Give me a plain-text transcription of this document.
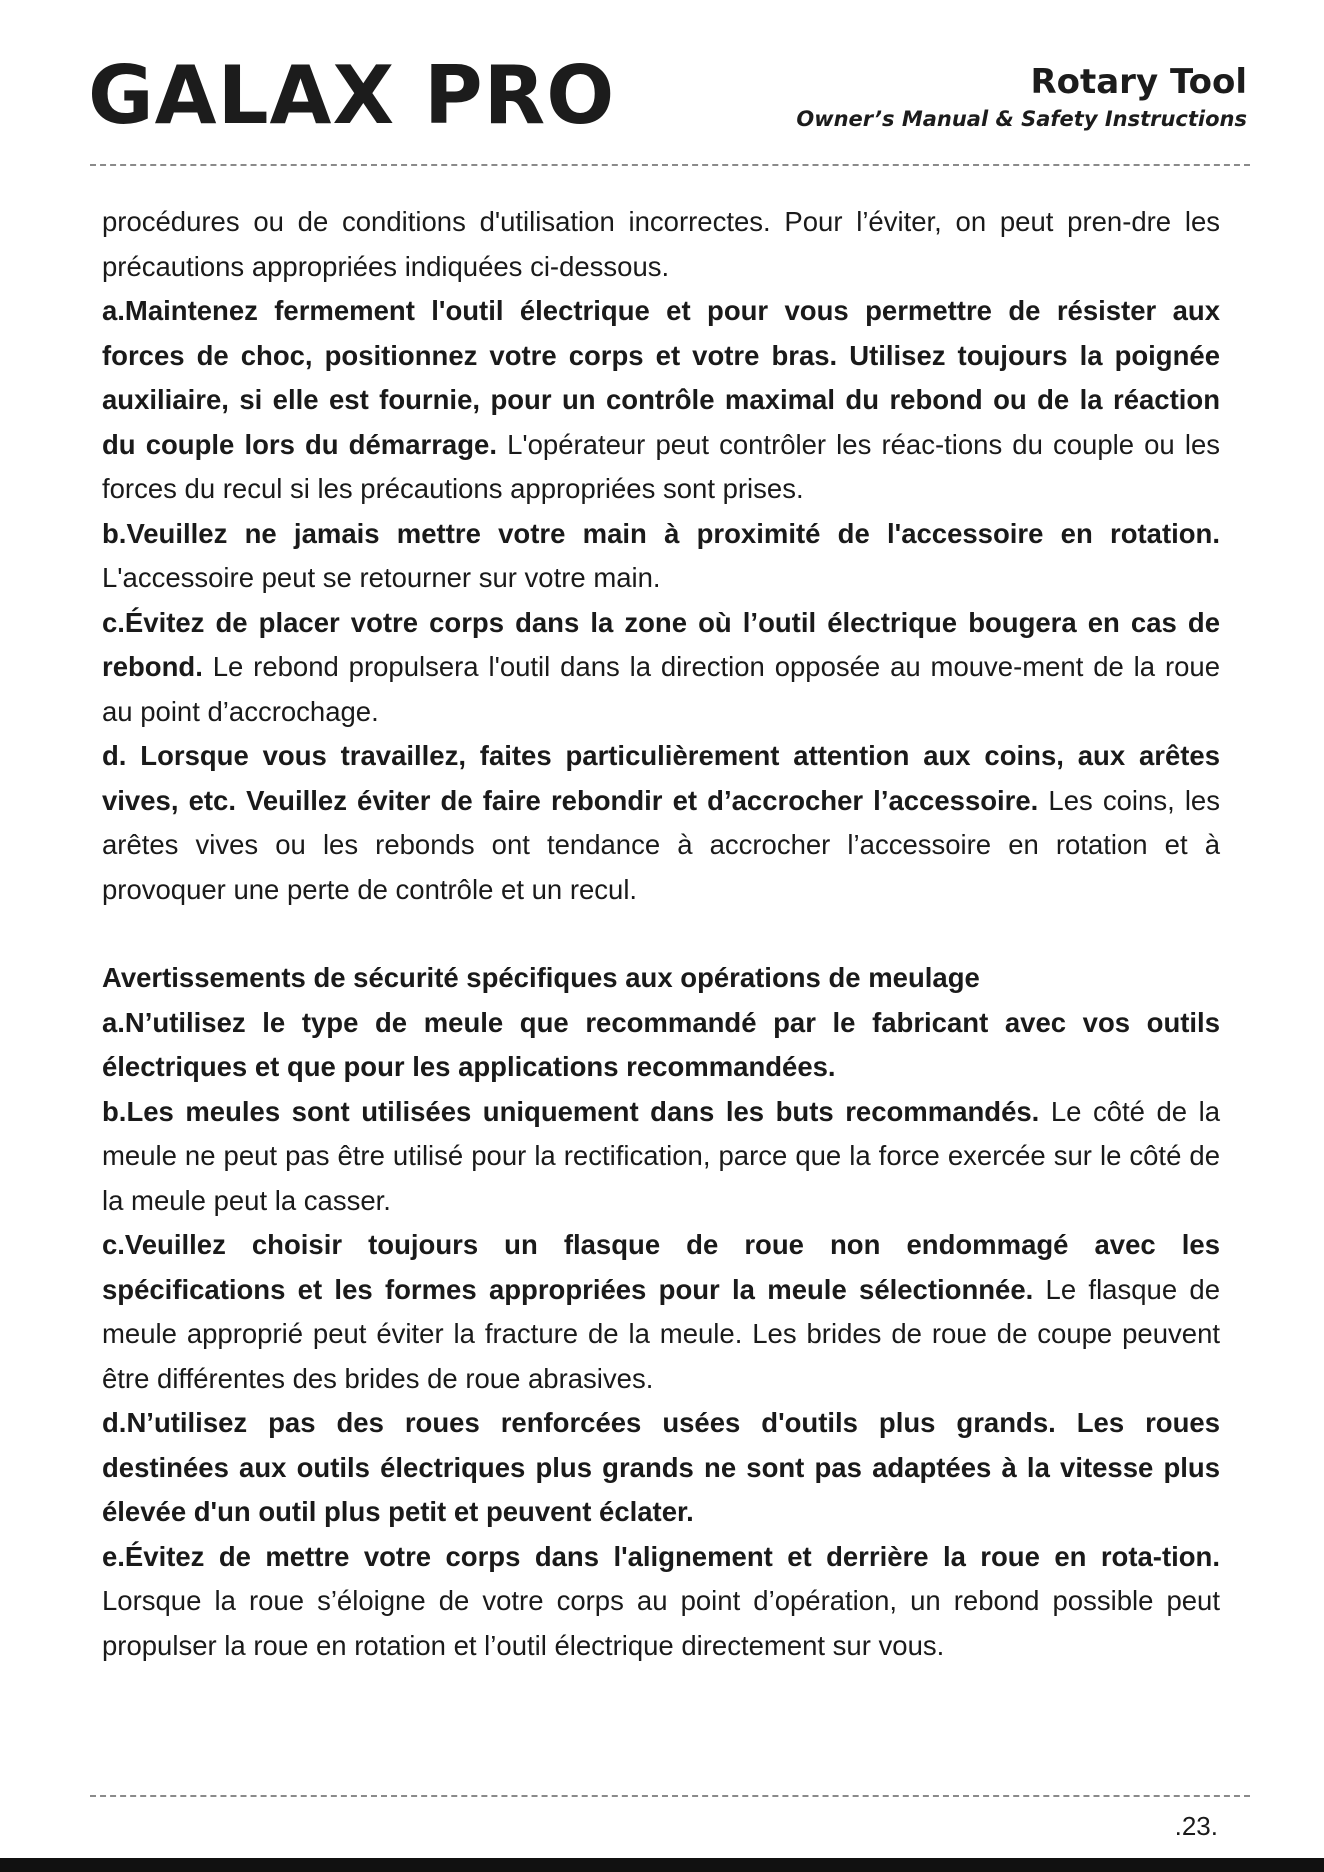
GALAX PRO	Rotary Tool
Owner’s Manual & Safety Instructions

procédures ou de conditions d'utilisation incorrectes. Pour l’éviter, on peut pren-dre les précautions appropriées indiquées ci-dessous.

a.Maintenez fermement l'outil électrique et pour vous permettre de résister aux forces de choc, positionnez votre corps et votre bras. Utilisez toujours la poignée auxiliaire, si elle est fournie, pour un contrôle maximal du rebond ou de la réaction du couple lors du démarrage. L'opérateur peut contrôler les réac-tions du couple ou les forces du recul si les précautions appropriées sont prises.

b.Veuillez ne jamais mettre votre main à proximité de l'accessoire en rotation. L'accessoire peut se retourner sur votre main.

c.Évitez de placer votre corps dans la zone où l’outil électrique bougera en cas de rebond. Le rebond propulsera l'outil dans la direction opposée au mouve-ment de la roue au point d’accrochage.

d. Lorsque vous travaillez, faites particulièrement attention aux coins, aux arêtes vives, etc. Veuillez éviter de faire rebondir et d’accrocher l’accessoire. Les coins, les arêtes vives ou les rebonds ont tendance à accrocher l’accessoire en rotation et à provoquer une perte de contrôle et un recul.

Avertissements de sécurité spécifiques aux opérations de meulage

a.N’utilisez le type de meule que recommandé par le fabricant avec vos outils électriques et que pour les applications recommandées.

b.Les meules sont utilisées uniquement dans les buts recommandés. Le côté de la meule ne peut pas être utilisé pour la rectification, parce que la force exercée sur le côté de la meule peut la casser.

c.Veuillez choisir toujours un flasque de roue non endommagé avec les spécifications et les formes appropriées pour la meule sélectionnée. Le flasque de meule approprié peut éviter la fracture de la meule. Les brides de roue de coupe peuvent être différentes des brides de roue abrasives.

d.N’utilisez pas des roues renforcées usées d'outils plus grands. Les roues destinées aux outils électriques plus grands ne sont pas adaptées à la vitesse plus élevée d'un outil plus petit et peuvent éclater.

e.Évitez de mettre votre corps dans l'alignement et derrière la roue en rota-tion. Lorsque la roue s’éloigne de votre corps au point d’opération, un rebond possible peut propulser la roue en rotation et l’outil électrique directement sur vous.

.23.
